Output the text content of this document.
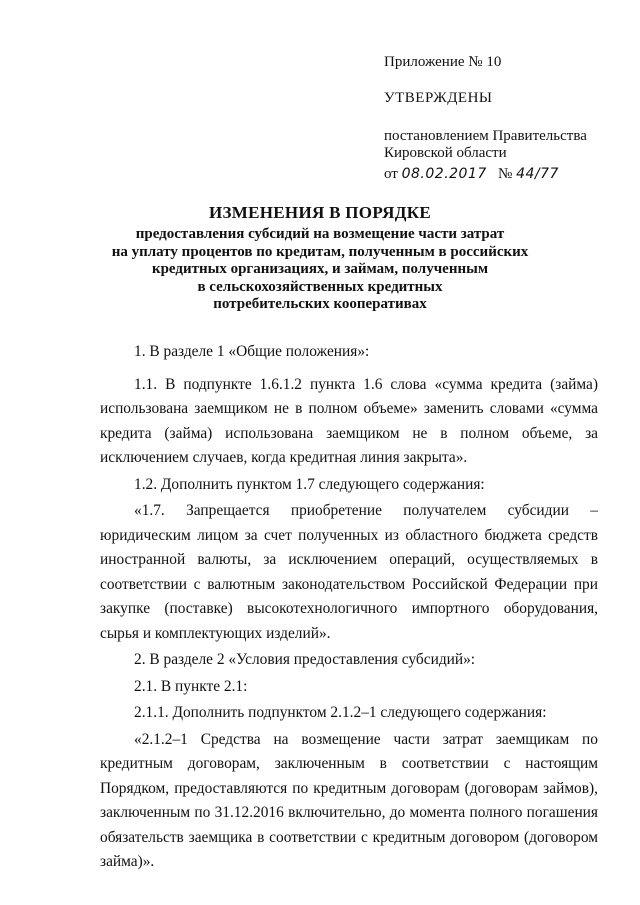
Приложение № 10

УТВЕРЖДЕНЫ

постановлением Правительства

Кировской области

от 08.02.2017 № 44/77

ИЗМЕНЕНИЯ В ПОРЯДКЕ

предоставления субсидий на возмещение части затрат

на уплату процентов по кредитам, полученным в российских

кредитных организациях, и займам, полученным

в сельскохозяйственных кредитных

потребительских кооперативах

1. В разделе 1 «Общие положения»:

1.1. В подпункте 1.6.1.2 пункта 1.6 слова «сумма кредита (займа) использована заемщиком не в полном объеме» заменить словами «сумма кредита (займа) использована заемщиком не в полном объеме, за исключением случаев, когда кредитная линия закрыта».

1.2. Дополнить пунктом 1.7 следующего содержания:

«1.7. Запрещается приобретение получателем субсидии – юридическим лицом за счет полученных из областного бюджета средств иностранной валюты, за исключением операций, осуществляемых в соответствии с валютным законодательством Российской Федерации при закупке (поставке) высокотехнологичного импортного оборудования, сырья и комплектующих изделий».

2. В разделе 2 «Условия предоставления субсидий»:

2.1. В пункте 2.1:

2.1.1. Дополнить подпунктом 2.1.2–1 следующего содержания:

«2.1.2–1 Средства на возмещение части затрат заемщикам по кредитным договорам, заключенным в соответствии с настоящим Порядком, предоставляются по кредитным договорам (договорам займов), заключенным по 31.12.2016 включительно, до момента полного погашения обязательств заемщика в соответствии с кредитным договором (договором займа)».
